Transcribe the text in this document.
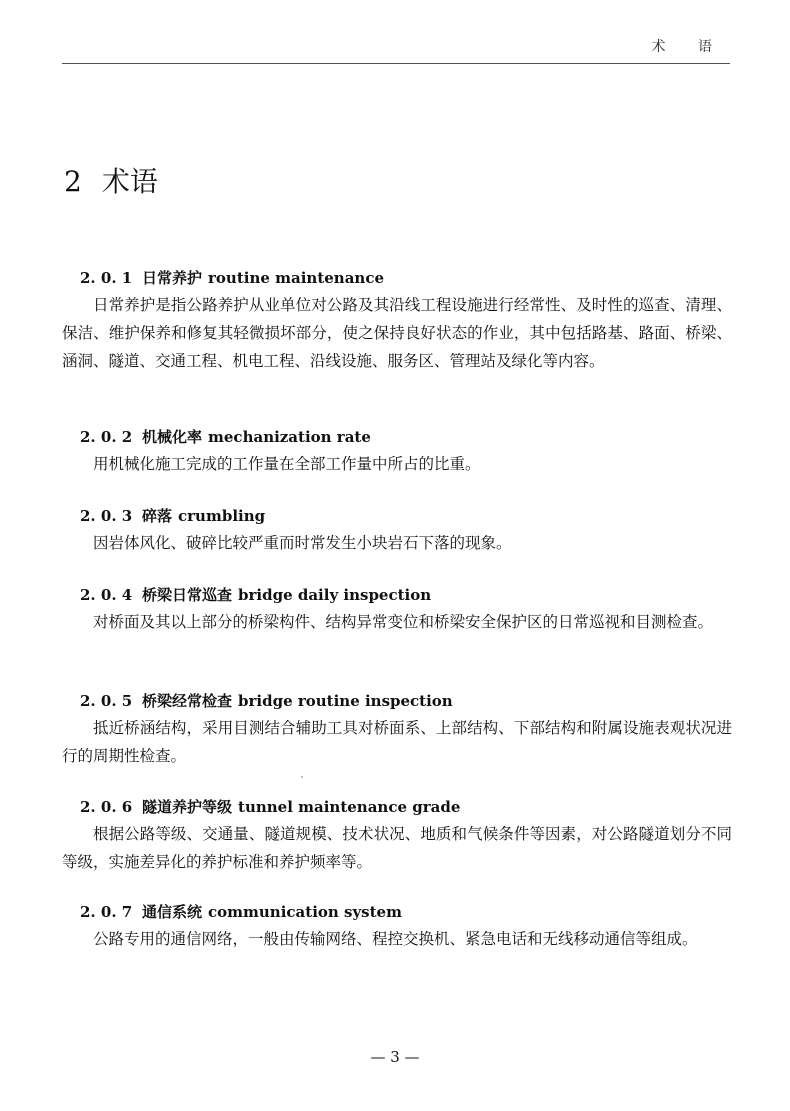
术 语
2 术语
2. 0. 1 日常养护 routine maintenance

日常养护是指公路养护从业单位对公路及其沿线工程设施进行经常性、及时性的巡查、清理、保洁、维护保养和修复其轻微损坏部分，使之保持良好状态的作业，其中包括路基、路面、桥梁、涵洞、隧道、交通工程、机电工程、沿线设施、服务区、管理站及绿化等内容。

2. 0. 2 机械化率 mechanization rate

用机械化施工完成的工作量在全部工作量中所占的比重。

2. 0. 3 碎落 crumbling

因岩体风化、破碎比较严重而时常发生小块岩石下落的现象。

2. 0. 4 桥梁日常巡查 bridge daily inspection

对桥面及其以上部分的桥梁构件、结构异常变位和桥梁安全保护区的日常巡视和目测检查。

2. 0. 5 桥梁经常检查 bridge routine inspection

抵近桥涵结构，采用目测结合辅助工具对桥面系、上部结构、下部结构和附属设施表观状况进行的周期性检查。

2. 0. 6 隧道养护等级 tunnel maintenance grade

根据公路等级、交通量、隧道规模、技术状况、地质和气候条件等因素，对公路隧道划分不同等级，实施差异化的养护标准和养护频率等。

2. 0. 7 通信系统 communication system

公路专用的通信网络，一般由传输网络、程控交换机、紧急电话和无线移动通信等组成。

— 3 —
